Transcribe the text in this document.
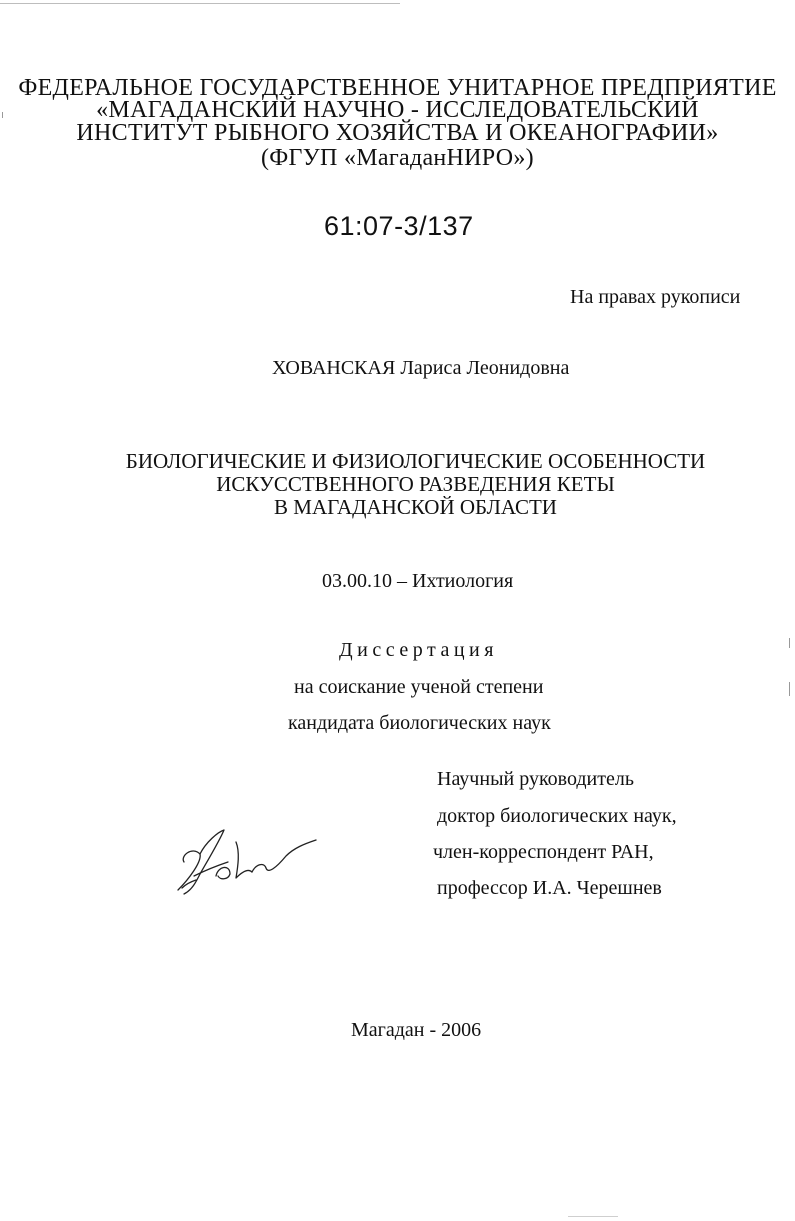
ФЕДЕРАЛЬНОЕ ГОСУДАРСТВЕННОЕ УНИТАРНОЕ ПРЕДПРИЯТИЕ
«МАГАДАНСКИЙ НАУЧНО - ИССЛЕДОВАТЕЛЬСКИЙ
ИНСТИТУТ РЫБНОГО ХОЗЯЙСТВА И ОКЕАНОГРАФИИ»
(ФГУП «МагаданНИРО»)
61:07-3/137
На правах рукописи
ХОВАНСКАЯ Лариса Леонидовна
БИОЛОГИЧЕСКИЕ И ФИЗИОЛОГИЧЕСКИЕ ОСОБЕННОСТИ
ИСКУССТВЕННОГО РАЗВЕДЕНИЯ КЕТЫ
В МАГАДАНСКОЙ ОБЛАСТИ
03.00.10 – Ихтиология
Диссертация
на соискание ученой степени
кандидата биологических наук
Научный руководитель
доктор биологических наук,
член-корреспондент РАН,
профессор И.А. Черешнев
Магадан - 2006
